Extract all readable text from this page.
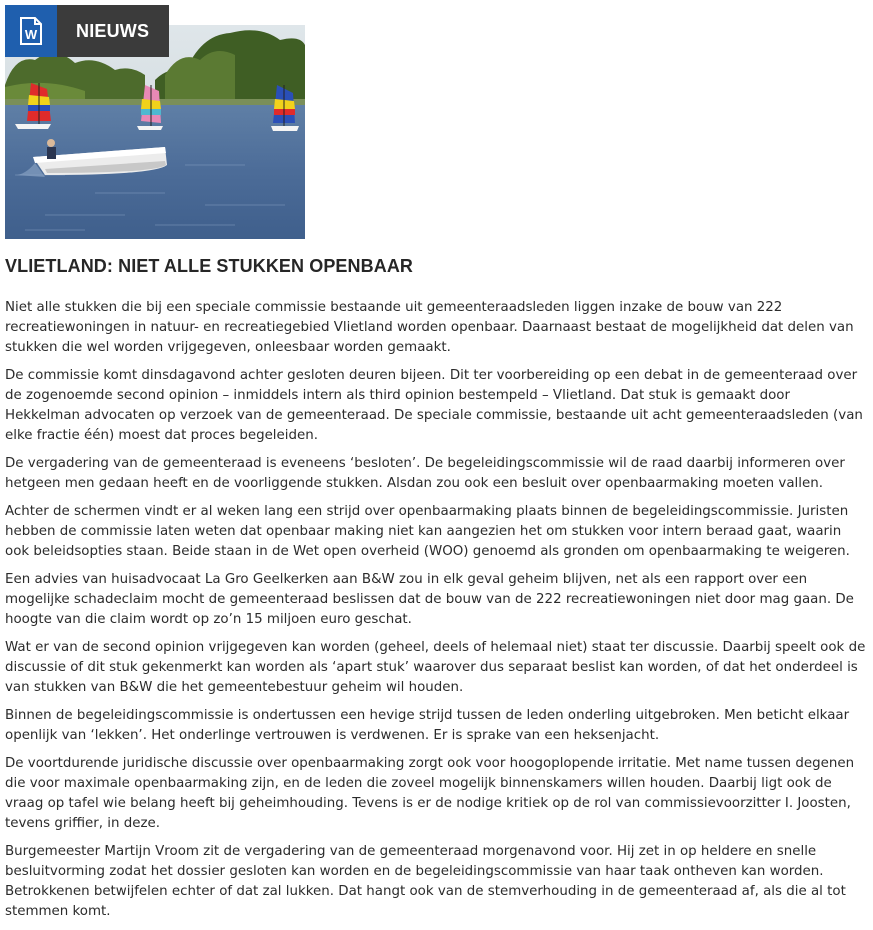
W	NIEUWS
VLIETLAND: NIET ALLE STUKKEN OPENBAAR

Niet alle stukken die bij een speciale commissie bestaande uit gemeenteraadsleden liggen inzake de bouw van 222 recreatiewoningen in natuur- en recreatiegebied Vlietland worden openbaar. Daarnaast bestaat de mogelijkheid dat delen van stukken die wel worden vrijgegeven, onleesbaar worden gemaakt.

De commissie komt dinsdagavond achter gesloten deuren bijeen. Dit ter voorbereiding op een debat in de gemeenteraad over de zogenoemde second opinion – inmiddels intern als third opinion bestempeld – Vlietland. Dat stuk is gemaakt door Hekkelman advocaten op verzoek van de gemeenteraad. De speciale commissie, bestaande uit acht gemeenteraadsleden (van elke fractie één) moest dat proces begeleiden.

De vergadering van de gemeenteraad is eveneens ‘besloten’. De begeleidingscommissie wil de raad daarbij informeren over hetgeen men gedaan heeft en de voorliggende stukken. Alsdan zou ook een besluit over openbaarmaking moeten vallen.

Achter de schermen vindt er al weken lang een strijd over openbaarmaking plaats binnen de begeleidingscommissie. Juristen hebben de commissie laten weten dat openbaar making niet kan aangezien het om stukken voor intern beraad gaat, waarin ook beleidsopties staan. Beide staan in de Wet open overheid (WOO) genoemd als gronden om openbaarmaking te weigeren.

Een advies van huisadvocaat La Gro Geelkerken aan B&W zou in elk geval geheim blijven, net als een rapport over een mogelijke schadeclaim mocht de gemeenteraad beslissen dat de bouw van de 222 recreatiewoningen niet door mag gaan. De hoogte van die claim wordt op zo’n 15 miljoen euro geschat.

Wat er van de second opinion vrijgegeven kan worden (geheel, deels of helemaal niet) staat ter discussie. Daarbij speelt ook de discussie of dit stuk gekenmerkt kan worden als ‘apart stuk’ waarover dus separaat beslist kan worden, of dat het onderdeel is van stukken van B&W die het gemeentebestuur geheim wil houden.

Binnen de begeleidingscommissie is ondertussen een hevige strijd tussen de leden onderling uitgebroken. Men beticht elkaar openlijk van ‘lekken’. Het onderlinge vertrouwen is verdwenen. Er is sprake van een heksenjacht.

De voortdurende juridische discussie over openbaarmaking zorgt ook voor hoogoplopende irritatie. Met name tussen degenen die voor maximale openbaarmaking zijn, en de leden die zoveel mogelijk binnenskamers willen houden. Daarbij ligt ook de vraag op tafel wie belang heeft bij geheimhouding. Tevens is er de nodige kritiek op de rol van commissievoorzitter I. Joosten, tevens griffier, in deze.

Burgemeester Martijn Vroom zit de vergadering van de gemeenteraad morgenavond voor. Hij zet in op heldere en snelle besluitvorming zodat het dossier gesloten kan worden en de begeleidingscommissie van haar taak ontheven kan worden. Betrokkenen betwijfelen echter of dat zal lukken. Dat hangt ook van de stemverhouding in de gemeenteraad af, als die al tot stemmen komt.
